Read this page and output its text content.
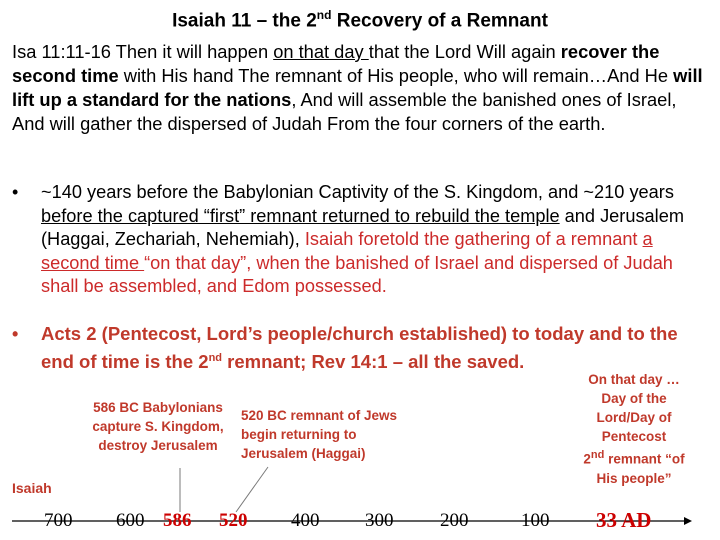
Isaiah 11 – the 2nd Recovery of a Remnant
Isa 11:11-16 Then it will happen on that day that the Lord Will again recover the second time with His hand The remnant of His people, who will remain…And He will lift up a standard for the nations, And will assemble the banished ones of Israel, And will gather the dispersed of Judah From the four corners of the earth.
• ~140 years before the Babylonian Captivity of the S. Kingdom, and ~210 years before the captured “first” remnant returned to rebuild the temple and Jerusalem (Haggai, Zechariah, Nehemiah), Isaiah foretold the gathering of a remnant a second time “on that day”, when the banished of Israel and dispersed of Judah shall be assembled, and Edom possessed.
• Acts 2 (Pentecost, Lord’s people/church established) to today and to the end of time is the 2nd remnant; Rev 14:1 – all the saved.
586 BC Babylonians
capture S. Kingdom,
destroy Jerusalem
520 BC remnant of Jews
begin returning to
Jerusalem (Haggai)
On that day …
Day of the
Lord/Day of
Pentecost
2nd remnant “of
His people”
Isaiah
700 600 586 520 400 300 200	100 33 AD
